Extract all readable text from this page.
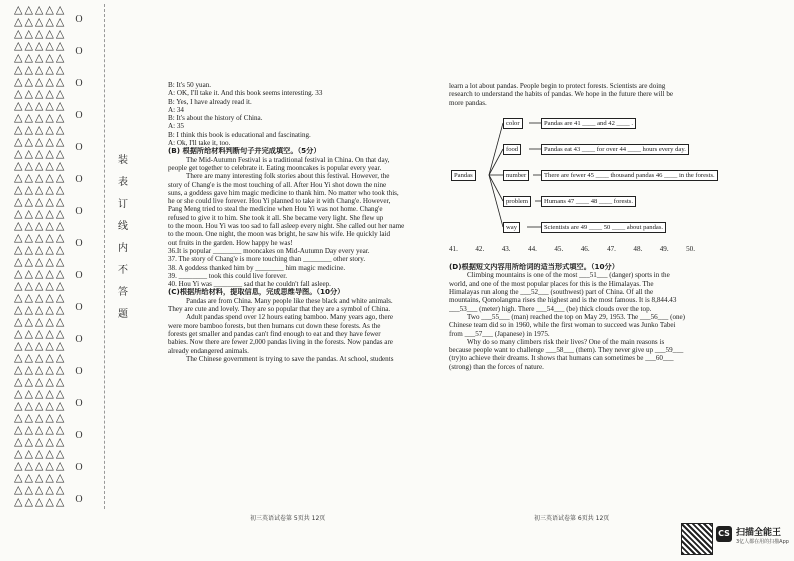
△△△△△
△△△△△
△△△△△
△△△△△
△△△△△
△△△△△
△△△△△
△△△△△
△△△△△
△△△△△
△△△△△
△△△△△
△△△△△
△△△△△
△△△△△
△△△△△
△△△△△
△△△△△
△△△△△
△△△△△
△△△△△
△△△△△
△△△△△
△△△△△
△△△△△
△△△△△
△△△△△
△△△△△
△△△△△
△△△△△
△△△△△
△△△△△
△△△△△
△△△△△
△△△△△
△△△△△
△△△△△
△△△△△
△△△△△
△△△△△
△△△△△
△△△△△
O
O
O
O
O
O
O
O
O
O
O
O
O
O
O
O
装
表
订
线
内
不
答
题
B: It's 50 yuan.
A: OK, I'll take it. And this book seems interesting. 33
B: Yes, I have already read it.
A: 34
B: It's about the history of China.
A: 35
B: I think this book is educational and fascinating.
A: Ok, I'll take it, too.
(B) 根据所给材料判断句子并完成填空。（5分）
The Mid-Autumn Festival is a traditional festival in China. On that day,
people get together to celebrate it. Eating mooncakes is popular every year.
There are many interesting folk stories about this festival. However, the
story of Chang'e is the most touching of all. After Hou Yi shot down the nine
suns, a goddess gave him magic medicine to thank him. No matter who took this,
he or she could live forever. Hou Yi planned to take it with Chang'e. However,
Pang Meng tried to steal the medicine when Hou Yi was not home. Chang'e
refused to give it to him. She took it all. She became very light. She flew up
to the moon. Hou Yi was too sad to fall asleep every night. She called out her name
to the moon. One night, the moon was bright, he saw his wife. He quickly laid
out fruits in the garden. How happy he was!
36.It is popular ________ mooncakes on Mid-Autumn Day every year.
37. The story of Chang'e is more touching than ________ other story.
38. A goddess thanked him by ________ him magic medicine.
39. ________ took this could live forever.
40. Hou Yi was ________ sad that he couldn't fall asleep.
(C)根据所给材料，提取信息，完成思维导图。（10分）
Pandas are from China. Many people like these black and white animals.
They are cute and lovely. They are so popular that they are a symbol of China.
Adult pandas spend over 12 hours eating bamboo. Many years ago, there
were more bamboo forests, but then humans cut down these forests. As the
forests get smaller and pandas can't find enough to eat and they have fewer
babies. Now there are fewer 2,000 pandas living in the forests. Now pandas are
already endangered animals.
The Chinese government is trying to save the pandas. At school, students
初三英语试卷第 5页共 12页
learn a lot about pandas. People begin to protect forests. Scientists are doing
research to understand the habits of pandas. We hope in the future there will be
more pandas.
Pandas
color
food
number
problem
way
Pandas are 41 ____ and 42 ____ .
Pandas eat 43 ____ for over 44 ____ hours every day.
There are fewer 45 ____ thousand pandas 46 ____ in the forests.
Humans 47 ____ 48 ____ forests.
Scientists are 49 ____ 50 ____ about pandas.
41. 42. 43. 44. 45. 46. 47. 48. 49. 50.
(D)根据短文内容用所给词的适当形式填空。（10分）
Climbing mountains is one of the most ___51___ (danger) sports in the
world, and one of the most popular places for this is the Himalayas. The
Himalayas run along the ___52___ (southwest) part of China. Of all the
mountains, Qomolangma rises the highest and is the most famous. It is 8,844.43
___53___ (meter) high. There ___54___ (be) thick clouds over the top.
Two ___55___ (man) reached the top on May 29, 1953. The ___56___ (one)
Chinese team did so in 1960, while the first woman to succeed was Junko Tabei
from ___57___ (Japanese) in 1975.
Why do so many climbers risk their lives? One of the main reasons is
because people want to challenge ___58___ (them). They never give up ___59___
(try)to achieve their dreams. It shows that humans can sometimes be ___60___
(strong) than the forces of nature.
初三英语试卷第 6页共 12页
CS 扫描全能王
3亿人都在用的扫描App
